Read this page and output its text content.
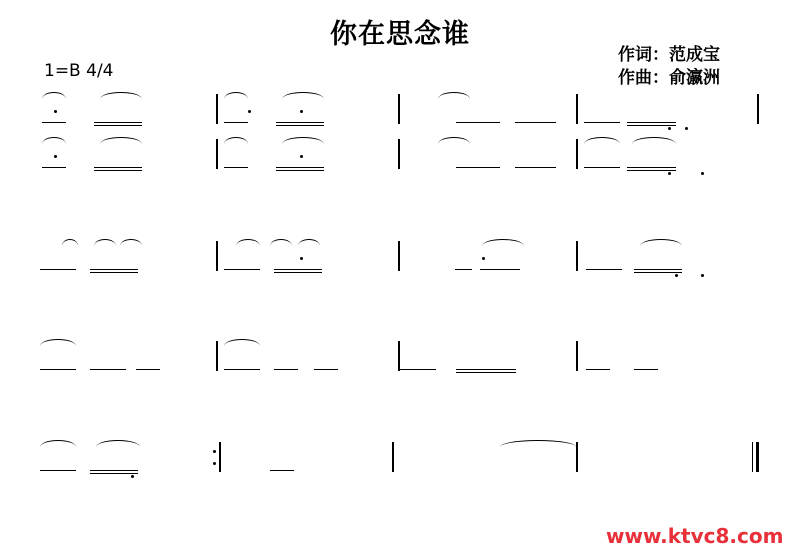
你在思念谁
1=B 4/4
作词：范成宝
作曲：俞瀛洲
www.ktvc8.com
